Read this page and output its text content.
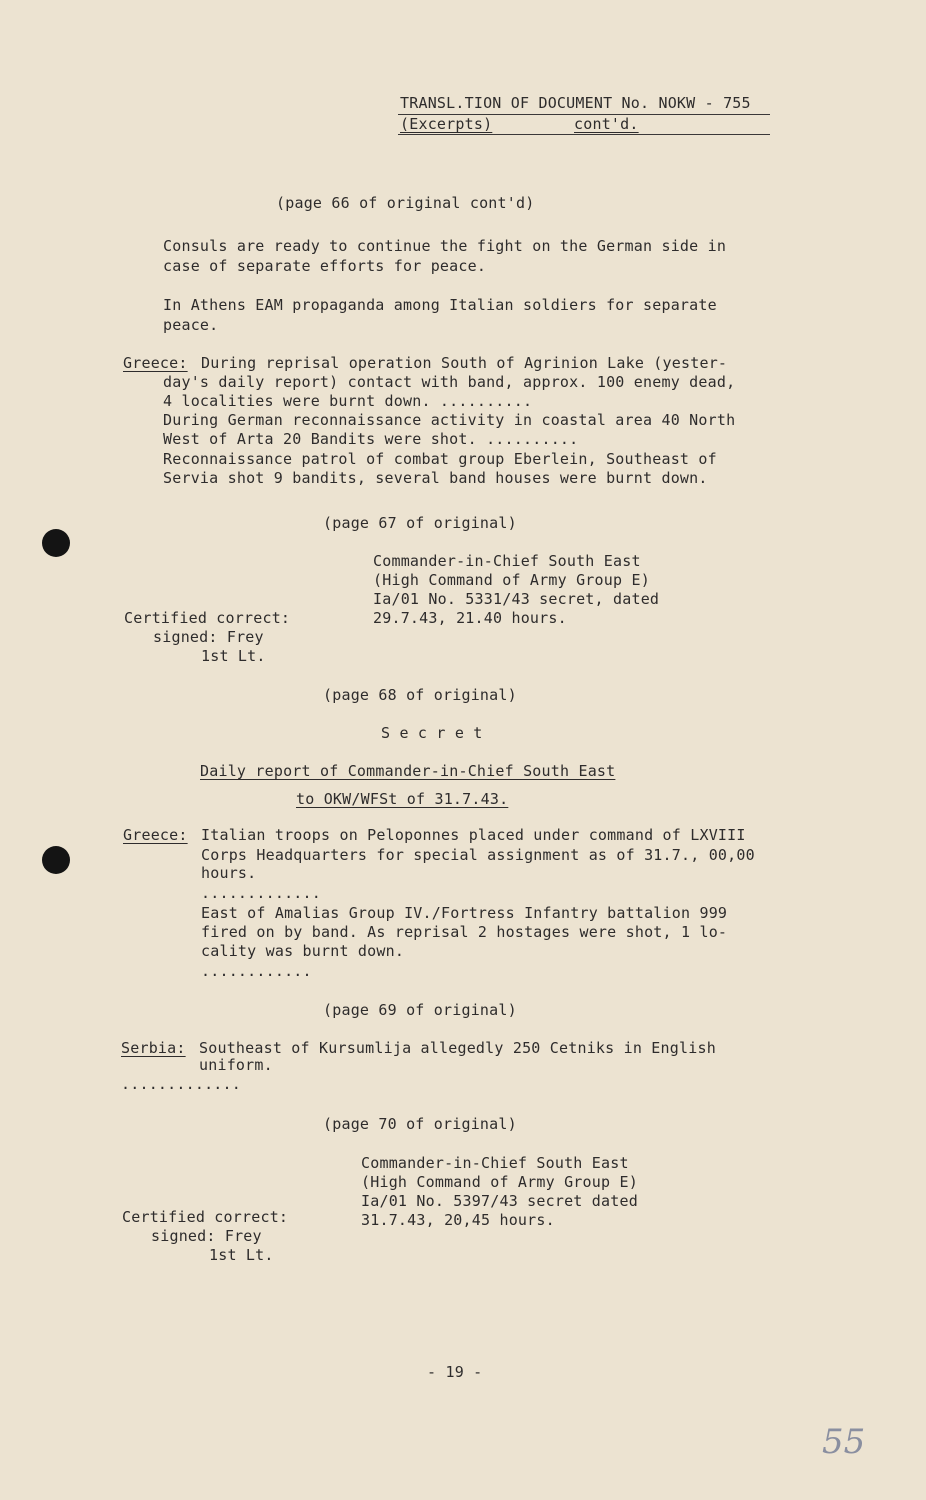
TRANSL.TION OF DOCUMENT No. NOKW - 755
(Excerpts)	cont'd.
(page 66 of original cont'd)
Consuls are ready to continue the fight on the German side in
case of separate efforts for peace.
In Athens EAM propaganda among Italian soldiers for separate
peace.
Greece: During reprisal operation South of Agrinion Lake (yester-
day's daily report) contact with band, approx. 100 enemy dead,
4 localities were burnt down. ..........
During German reconnaissance activity in coastal area 40 North
West of Arta 20 Bandits were shot. ..........
Reconnaissance patrol of combat group Eberlein, Southeast of
Servia shot 9 bandits, several band houses were burnt down.
(page 67 of original)
Commander-in-Chief South East
(High Command of Army Group E)
Ia/01 No. 5331/43 secret, dated
29.7.43, 21.40 hours.
Certified correct:
signed: Frey
1st Lt.
(page 68 of original)
S e c r e t
Daily report of Commander-in-Chief South East
to OKW/WFSt of 31.7.43.
Greece: Italian troops on Peloponnes placed under command of LXVIII
Corps Headquarters for special assignment as of 31.7., 00,00
hours.
.............
East of Amalias Group IV./Fortress Infantry battalion 999
fired on by band. As reprisal 2 hostages were shot, 1 lo-
cality was burnt down.
............
(page 69 of original)
Serbia: Southeast of Kursumlija allegedly 250 Cetniks in English
uniform.
.............
(page 70 of original)
Commander-in-Chief South East
(High Command of Army Group E)
Ia/01 No. 5397/43 secret dated
31.7.43, 20,45 hours.
Certified correct:
signed: Frey
1st Lt.
- 19 -
55
